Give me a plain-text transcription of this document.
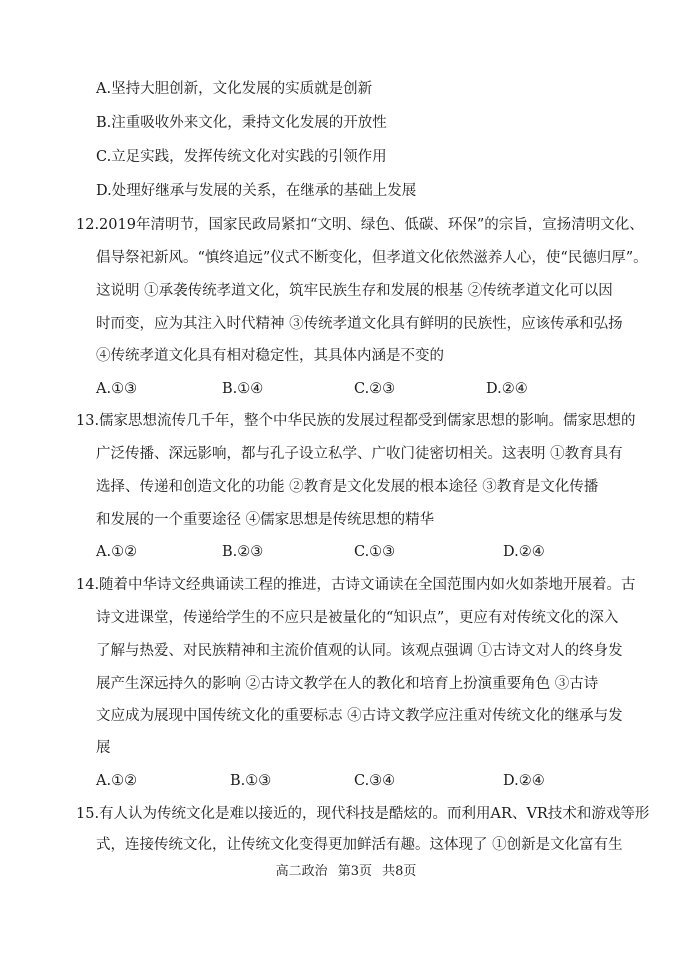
A.坚持大胆创新，文化发展的实质就是创新
B.注重吸收外来文化，秉持文化发展的开放性
C.立足实践，发挥传统文化对实践的引领作用
D.处理好继承与发展的关系，在继承的基础上发展
12.2019年清明节，国家民政局紧扣“文明、绿色、低碳、环保”的宗旨，宣扬清明文化、
倡导祭祀新风。“慎终追远”仪式不断变化，但孝道文化依然滋养人心，使“民德归厚”。
这说明 ①承袭传统孝道文化，筑牢民族生存和发展的根基 ②传统孝道文化可以因
时而变，应为其注入时代精神 ③传统孝道文化具有鲜明的民族性，应该传承和弘扬
④传统孝道文化具有相对稳定性，其具体内涵是不变的
A.①③	B.①④	C.②③	D.②④
13.儒家思想流传几千年，整个中华民族的发展过程都受到儒家思想的影响。儒家思想的
广泛传播、深远影响，都与孔子设立私学、广收门徒密切相关。这表明 ①教育具有
选择、传递和创造文化的功能 ②教育是文化发展的根本途径 ③教育是文化传播
和发展的一个重要途径 ④儒家思想是传统思想的精华
A.①②	B.②③	C.①③	D.②④
14.随着中华诗文经典诵读工程的推进，古诗文诵读在全国范围内如火如荼地开展着。古
诗文进课堂，传递给学生的不应只是被量化的“知识点”，更应有对传统文化的深入
了解与热爱、对民族精神和主流价值观的认同。该观点强调 ①古诗文对人的终身发
展产生深远持久的影响 ②古诗文教学在人的教化和培育上扮演重要角色 ③古诗
文应成为展现中国传统文化的重要标志 ④古诗文教学应注重对传统文化的继承与发
展
A.①②	B.①③	C.③④	D.②④
15.有人认为传统文化是难以接近的，现代科技是酷炫的。而利用AR、VR技术和游戏等形
式，连接传统文化，让传统文化变得更加鲜活有趣。这体现了 ①创新是文化富有生
高二政治 第3页 共8页
